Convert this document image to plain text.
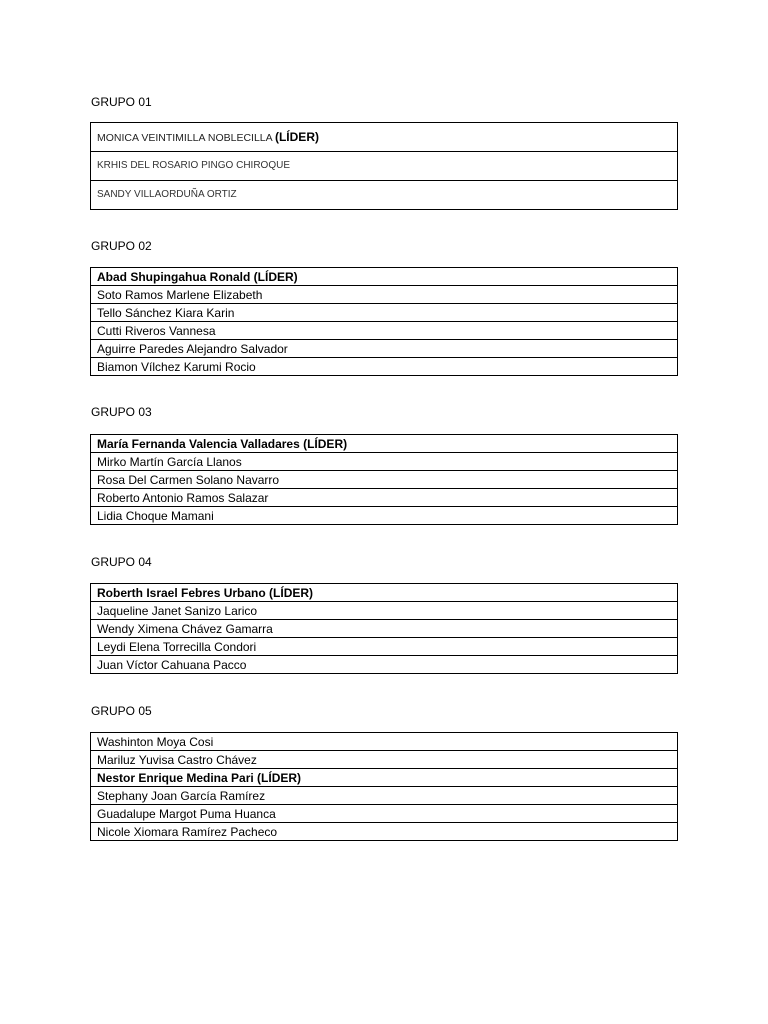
GRUPO 01
MONICA VEINTIMILLA NOBLECILLA (LÍDER)
KRHIS DEL ROSARIO PINGO CHIROQUE
SANDY VILLAORDUÑA ORTIZ
GRUPO 02
Abad Shupingahua Ronald (LÍDER)
Soto Ramos Marlene Elizabeth
Tello Sánchez Kiara Karin
Cutti Riveros Vannesa
Aguirre Paredes Alejandro Salvador
Biamon Vílchez Karumi Rocio
GRUPO 03
María Fernanda Valencia Valladares (LÍDER)
Mirko Martín García Llanos
Rosa Del Carmen Solano Navarro
Roberto Antonio Ramos Salazar
Lidia Choque Mamani
GRUPO 04
Roberth Israel Febres Urbano (LÍDER)
Jaqueline Janet Sanizo Larico
Wendy Ximena Chávez Gamarra
Leydi Elena Torrecilla Condori
Juan Víctor Cahuana Pacco
GRUPO 05
Washinton Moya Cosi
Mariluz Yuvisa Castro Chávez
Nestor Enrique Medina Pari (LÍDER)
Stephany Joan García Ramírez
Guadalupe Margot Puma Huanca
Nicole Xiomara Ramírez Pacheco
